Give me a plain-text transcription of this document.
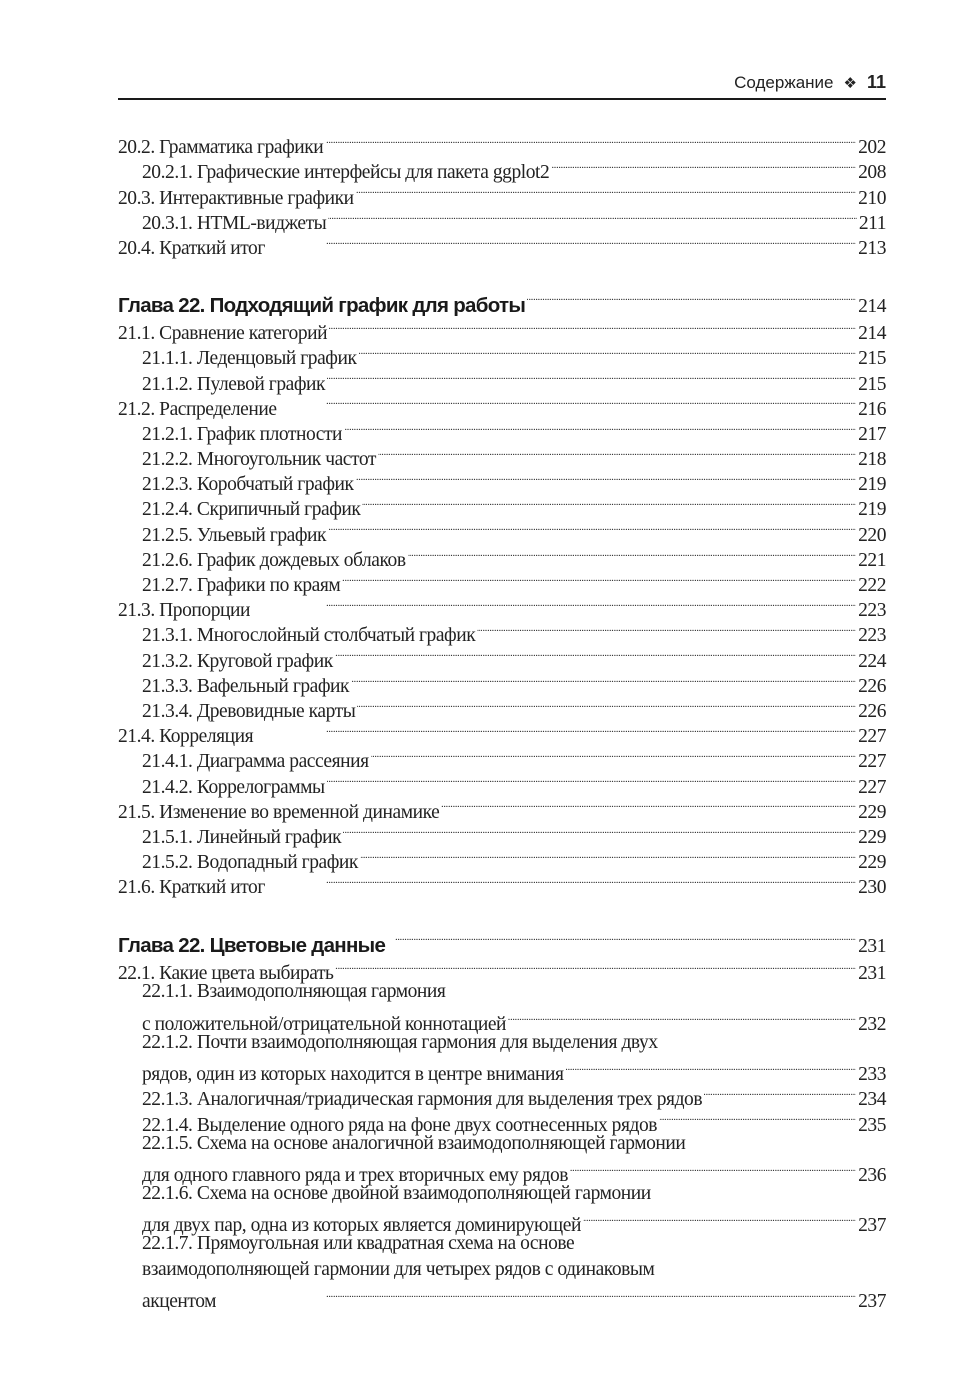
Содержание ❖ 11
20.2. Грамматика графики . . .	202
20.2.1. Графические интерфейсы для пакета ggplot2 . . .	208
20.3. Интерактивные графики . . .	210
20.3.1. HTML-виджеты . . .	211
20.4. Краткий итог . . .	213
Глава 22. Подходящий график для работы . . .	214
21.1. Сравнение категорий . . .	214
21.1.1. Леденцовый график . . .	215
21.1.2. Пулевой график . . .	215
21.2. Распределение . . .	216
21.2.1. График плотности . . .	217
21.2.2. Многоугольник частот . . .	218
21.2.3. Коробчатый график . . .	219
21.2.4. Скрипичный график . . .	219
21.2.5. Ульевый график . . .	220
21.2.6. График дождевых облаков . . .	221
21.2.7. Графики по краям . . .	222
21.3. Пропорции . . .	223
21.3.1. Многослойный столбчатый график . . .	223
21.3.2. Круговой график . . .	224
21.3.3. Вафельный график . . .	226
21.3.4. Древовидные карты . . .	226
21.4. Корреляция . . .	227
21.4.1. Диаграмма рассеяния . . .	227
21.4.2. Коррелограммы . . .	227
21.5. Изменение во временной динамике . . .	229
21.5.1. Линейный график . . .	229
21.5.2. Водопадный график . . .	229
21.6. Краткий итог . . .	230
Глава 22. Цветовые данные . . .	231
22.1. Какие цвета выбирать . . .	231
22.1.1. Взаимодополняющая гармония
с положительной/отрицательной коннотацией . . .	232
22.1.2. Почти взаимодополняющая гармония для выделения двух
рядов, один из которых находится в центре внимания . . .	233
22.1.3. Аналогичная/триадическая гармония для выделения трех рядов . . .	234
22.1.4. Выделение одного ряда на фоне двух соотнесенных рядов . . .	235
22.1.5. Схема на основе аналогичной взаимодополняющей гармонии
для одного главного ряда и трех вторичных ему рядов . . .	236
22.1.6. Схема на основе двойной взаимодополняющей гармонии
для двух пар, одна из которых является доминирующей . . .	237
22.1.7. Прямоугольная или квадратная схема на основе
взаимодополняющей гармонии для четырех рядов с одинаковым
акцентом . . .	237
